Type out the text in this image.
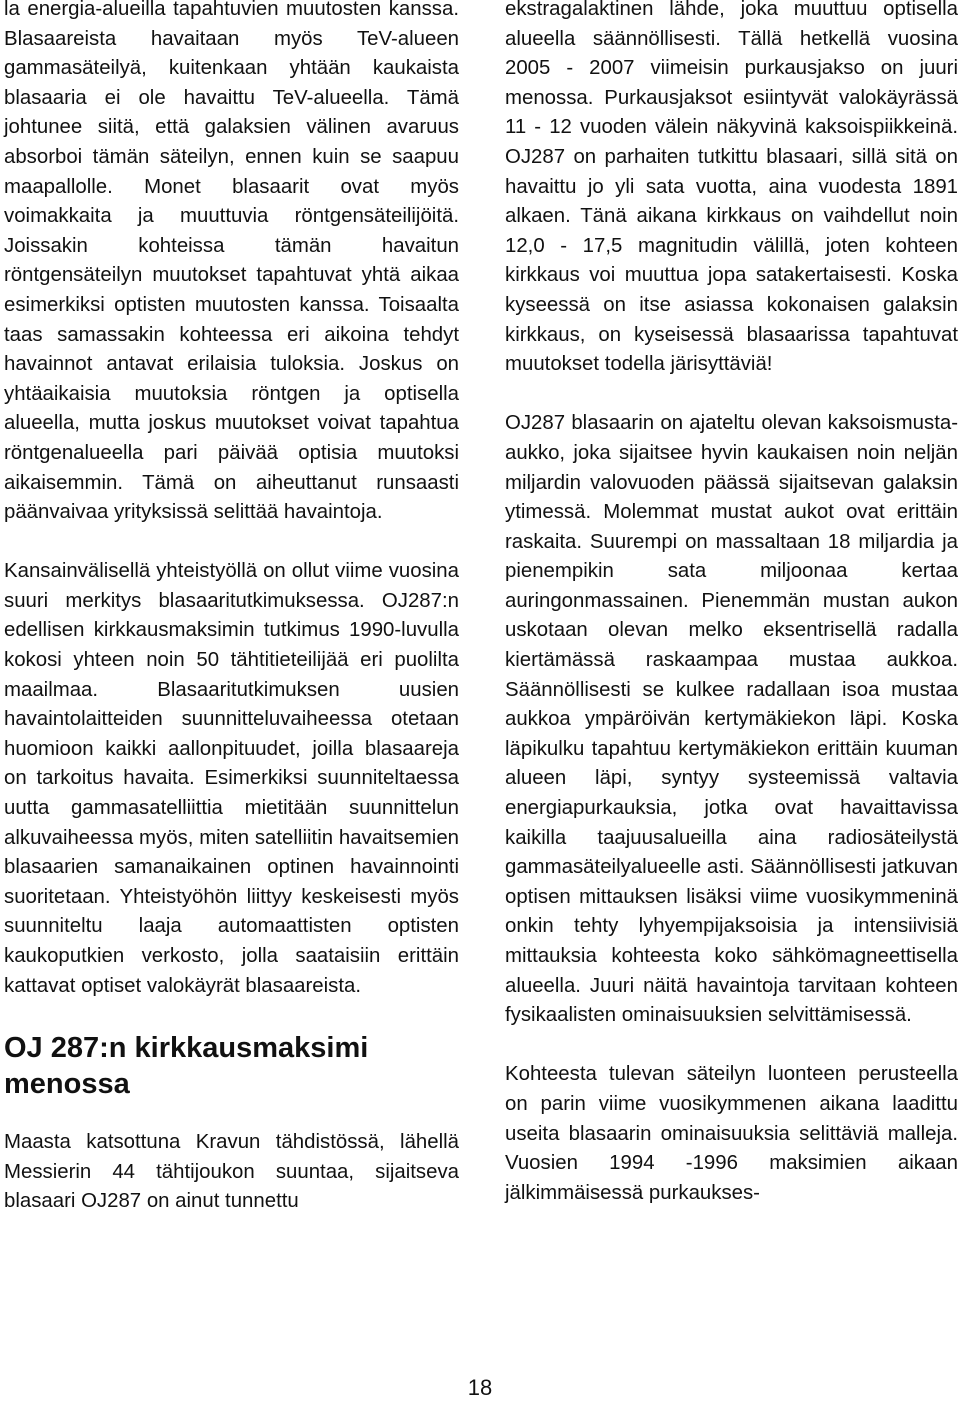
la energia-alueilla tapahtuvien muutosten kanssa. Blasaareista havaitaan myös TeV-alueen gammasäteilyä, kuitenkaan yhtään kaukaista blasaaria ei ole havaittu TeV-alueella. Tämä johtunee siitä, että galaksien välinen avaruus absorboi tämän säteilyn, ennen kuin se saapuu maapallolle. Monet blasaarit ovat myös voimakkaita ja muuttuvia röntgensäteilijöitä. Joissakin kohteissa tämän havaitun röntgensäteilyn muutokset tapahtuvat yhtä aikaa esimerkiksi optisten muutosten kanssa. Toisaalta taas samassakin kohteessa eri aikoina tehdyt havainnot antavat erilaisia tuloksia. Joskus on yhtäaikaisia muutoksia röntgen ja optisella alueella, mutta joskus muutokset voivat tapahtua röntgenalueella pari päivää optisia muutoksi aikaisemmin. Tämä on aiheuttanut runsaasti päänvaivaa yrityksissä selittää havaintoja.

Kansainvälisellä yhteistyöllä on ollut viime vuosina suuri merkitys blasaaritutkimuksessa. OJ287:n edellisen kirkkausmaksimin tutkimus 1990-luvulla kokosi yhteen noin 50 tähtitieteilijää eri puolilta maailmaa. Blasaaritutkimuksen uusien havaintolaitteiden suunnitteluvaiheessa otetaan huomioon kaikki aallonpituudet, joilla blasaareja on tarkoitus havaita. Esimerkiksi suunniteltaessa uutta gammasatelliittia mietitään suunnittelun alkuvaiheessa myös, miten satelliitin havaitsemien blasaarien samanaikainen optinen havainnointi suoritetaan. Yhteistyöhön liittyy keskeisesti myös suunniteltu laaja automaattisten optisten kaukoputkien verkosto, jolla saataisiin erittäin kattavat optiset valokäyrät blasaareista.

OJ 287:n kirkkausmaksimi menossa

Maasta katsottuna Kravun tähdistössä, lähellä Messierin 44 tähtijoukon suuntaa, sijaitseva blasaari OJ287 on ainut tunnettu

ekstragalaktinen lähde, joka muuttuu optisella alueella säännöllisesti. Tällä hetkellä vuosina 2005 - 2007 viimeisin purkausjakso on juuri menossa. Purkausjaksot esiintyvät valokäyrässä 11 - 12 vuoden välein näkyvinä kaksoispiikkeinä. OJ287 on parhaiten tutkittu blasaari, sillä sitä on havaittu jo yli sata vuotta, aina vuodesta 1891 alkaen. Tänä aikana kirkkaus on vaihdellut noin 12,0 - 17,5 magnitudin välillä, joten kohteen kirkkaus voi muuttua jopa satakertaisesti. Koska kyseessä on itse asiassa kokonaisen galaksin kirkkaus, on kyseisessä blasaarissa tapahtuvat muutokset todella järisyttäviä!

OJ287 blasaarin on ajateltu olevan kaksoismusta-aukko, joka sijaitsee hyvin kaukaisen noin neljän miljardin valovuoden päässä sijaitsevan galaksin ytimessä. Molemmat mustat aukot ovat erittäin raskaita. Suurempi on massaltaan 18 miljardia ja pienempikin sata miljoonaa kertaa auringonmassainen. Pienemmän mustan aukon uskotaan olevan melko eksentrisellä radalla kiertämässä raskaampaa mustaa aukkoa. Säännöllisesti se kulkee radallaan isoa mustaa aukkoa ympäröivän kertymäkiekon läpi. Koska läpikulku tapahtuu kertymäkiekon erittäin kuuman alueen läpi, syntyy systeemissä valtavia energiapurkauksia, jotka ovat havaittavissa kaikilla taajuusalueilla aina radiosäteilystä gammasäteilyalueelle asti. Säännöllisesti jatkuvan optisen mittauksen lisäksi viime vuosikymmeninä onkin tehty lyhyempijaksoisia ja intensiivisiä mittauksia kohteesta koko sähkömagneettisella alueella. Juuri näitä havaintoja tarvitaan kohteen fysikaalisten ominaisuuksien selvittämisessä.

Kohteesta tulevan säteilyn luonteen perusteella on parin viime vuosikymmenen aikana laadittu useita blasaarin ominaisuuksia selittäviä malleja. Vuosien 1994 -1996 maksimien aikaan jälkimmäisessä purkaukses-

18
